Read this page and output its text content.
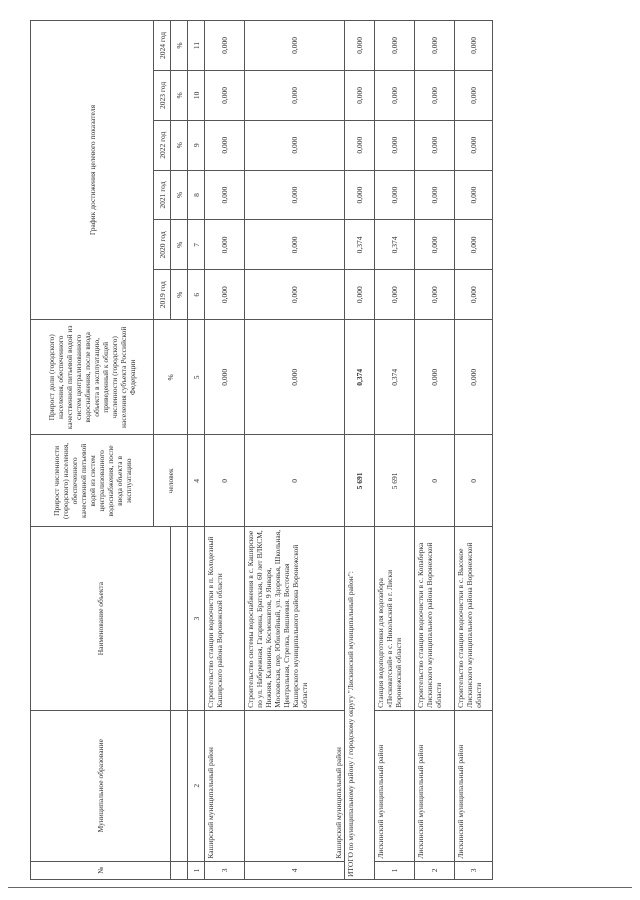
№	Муниципальное образование	Наименование объекта	Прирост численности (городского) населения, обеспеченного качественной питьевой водой из систем централизованного водоснабжения, после ввода объекта в эксплуатацию	Прирост доли (городского) населения, обеспеченного качественной питьевой водой из систем централизованного водоснабжения, после ввода объекта в эксплуатацию, приведенный к общей численности (городского) населения субъекта Российской Федерации	График достижения целевого показателя					
			человек	%	2019 год	2020 год	2021 год	2022 год	2023 год	2024 год
					%	%	%	%	%	%
1	2	3	4	5	6	7	8	9	10	11
3	Каширский муниципальный район	Строительство станции водоочистки в п. Колодезный Каширского района Воронежской области	0	0,000	0,000	0,000	0,000	0,000	0,000	0,000
4	Каширский муниципальный район	Строительство системы водоснабжения в с. Каширское по ул. Набережная, Гагарина, Братская, 60 лет ВЛКСМ, Нижняя, Калинина, Космонавтов, 9 Января, Московская, пер. Юбилейный, ул. Здоровья, Школьная, Центральная, Стрелка, Вишневая. Восточная Каширского муниципального района Воронежской области	0	0,000	0,000	0,000	0,000	0,000	0,000	0,000
ИТОГО по муниципальному району / городскому округу "Лискинский муниципальный район":			5 691	0,374	0,000	0,374	0,000	0,000	0,000	0,000
1	Лискинский муниципальный район	Станция водоподготовки для водозабора «Песковатский» в с. Никольский в г. Лиски Воронежской области	5 691	0,374	0,000	0,374	0,000	0,000	0,000	0,000
2	Лискинский муниципальный район	Строительство станции водоочистки в с. Копаберка Лискинского муниципального района Воронежской области	0	0,000	0,000	0,000	0,000	0,000	0,000	0,000
3	Лискинский муниципальный район	Строительство станции водоочистки в с. Высокое Лискинского муниципального района Воронежской области	0	0,000	0,000	0,000	0,000	0,000	0,000	0,000
